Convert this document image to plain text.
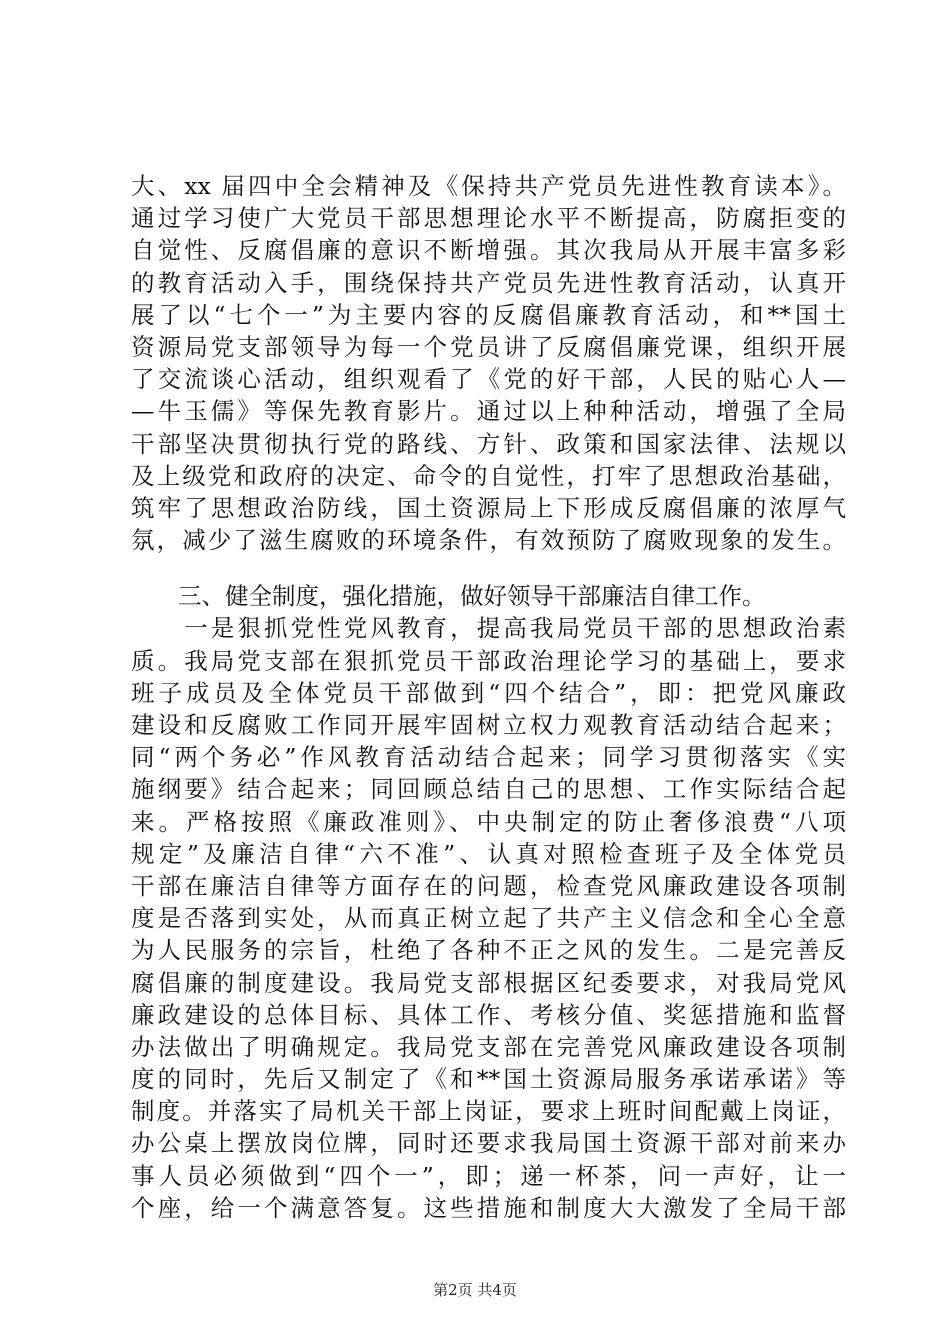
大、xx 届四中全会精神及《保持共产党员先进性教育读本》。
通过学习使广大党员干部思想理论水平不断提高，防腐拒变的
自觉性、反腐倡廉的意识不断增强。其次我局从开展丰富多彩
的教育活动入手，围绕保持共产党员先进性教育活动，认真开
展了以“七个一”为主要内容的反腐倡廉教育活动，和**国土
资源局党支部领导为每一个党员讲了反腐倡廉党课，组织开展
了交流谈心活动，组织观看了《党的好干部，人民的贴心人—
—牛玉儒》等保先教育影片。通过以上种种活动，增强了全局
干部坚决贯彻执行党的路线、方针、政策和国家法律、法规以
及上级党和政府的决定、命令的自觉性，打牢了思想政治基础，
筑牢了思想政治防线，国土资源局上下形成反腐倡廉的浓厚气
氛，减少了滋生腐败的环境条件，有效预防了腐败现象的发生。
三、健全制度，强化措施，做好领导干部廉洁自律工作。
　　一是狠抓党性党风教育，提高我局党员干部的思想政治素
质。我局党支部在狠抓党员干部政治理论学习的基础上，要求
班子成员及全体党员干部做到“四个结合”，即：把党风廉政
建设和反腐败工作同开展牢固树立权力观教育活动结合起来；
同“两个务必”作风教育活动结合起来；同学习贯彻落实《实
施纲要》结合起来；同回顾总结自己的思想、工作实际结合起
来。严格按照《廉政准则》、中央制定的防止奢侈浪费“八项
规定”及廉洁自律“六不准”、认真对照检查班子及全体党员
干部在廉洁自律等方面存在的问题，检查党风廉政建设各项制
度是否落到实处，从而真正树立起了共产主义信念和全心全意
为人民服务的宗旨，杜绝了各种不正之风的发生。二是完善反
腐倡廉的制度建设。我局党支部根据区纪委要求，对我局党风
廉政建设的总体目标、具体工作、考核分值、奖惩措施和监督
办法做出了明确规定。我局党支部在完善党风廉政建设各项制
度的同时，先后又制定了《和**国土资源局服务承诺承诺》等
制度。并落实了局机关干部上岗证，要求上班时间配戴上岗证，
办公桌上摆放岗位牌，同时还要求我局国土资源干部对前来办
事人员必须做到“四个一”，即；递一杯茶，问一声好，让一
个座，给一个满意答复。这些措施和制度大大激发了全局干部
第2页 共4页
